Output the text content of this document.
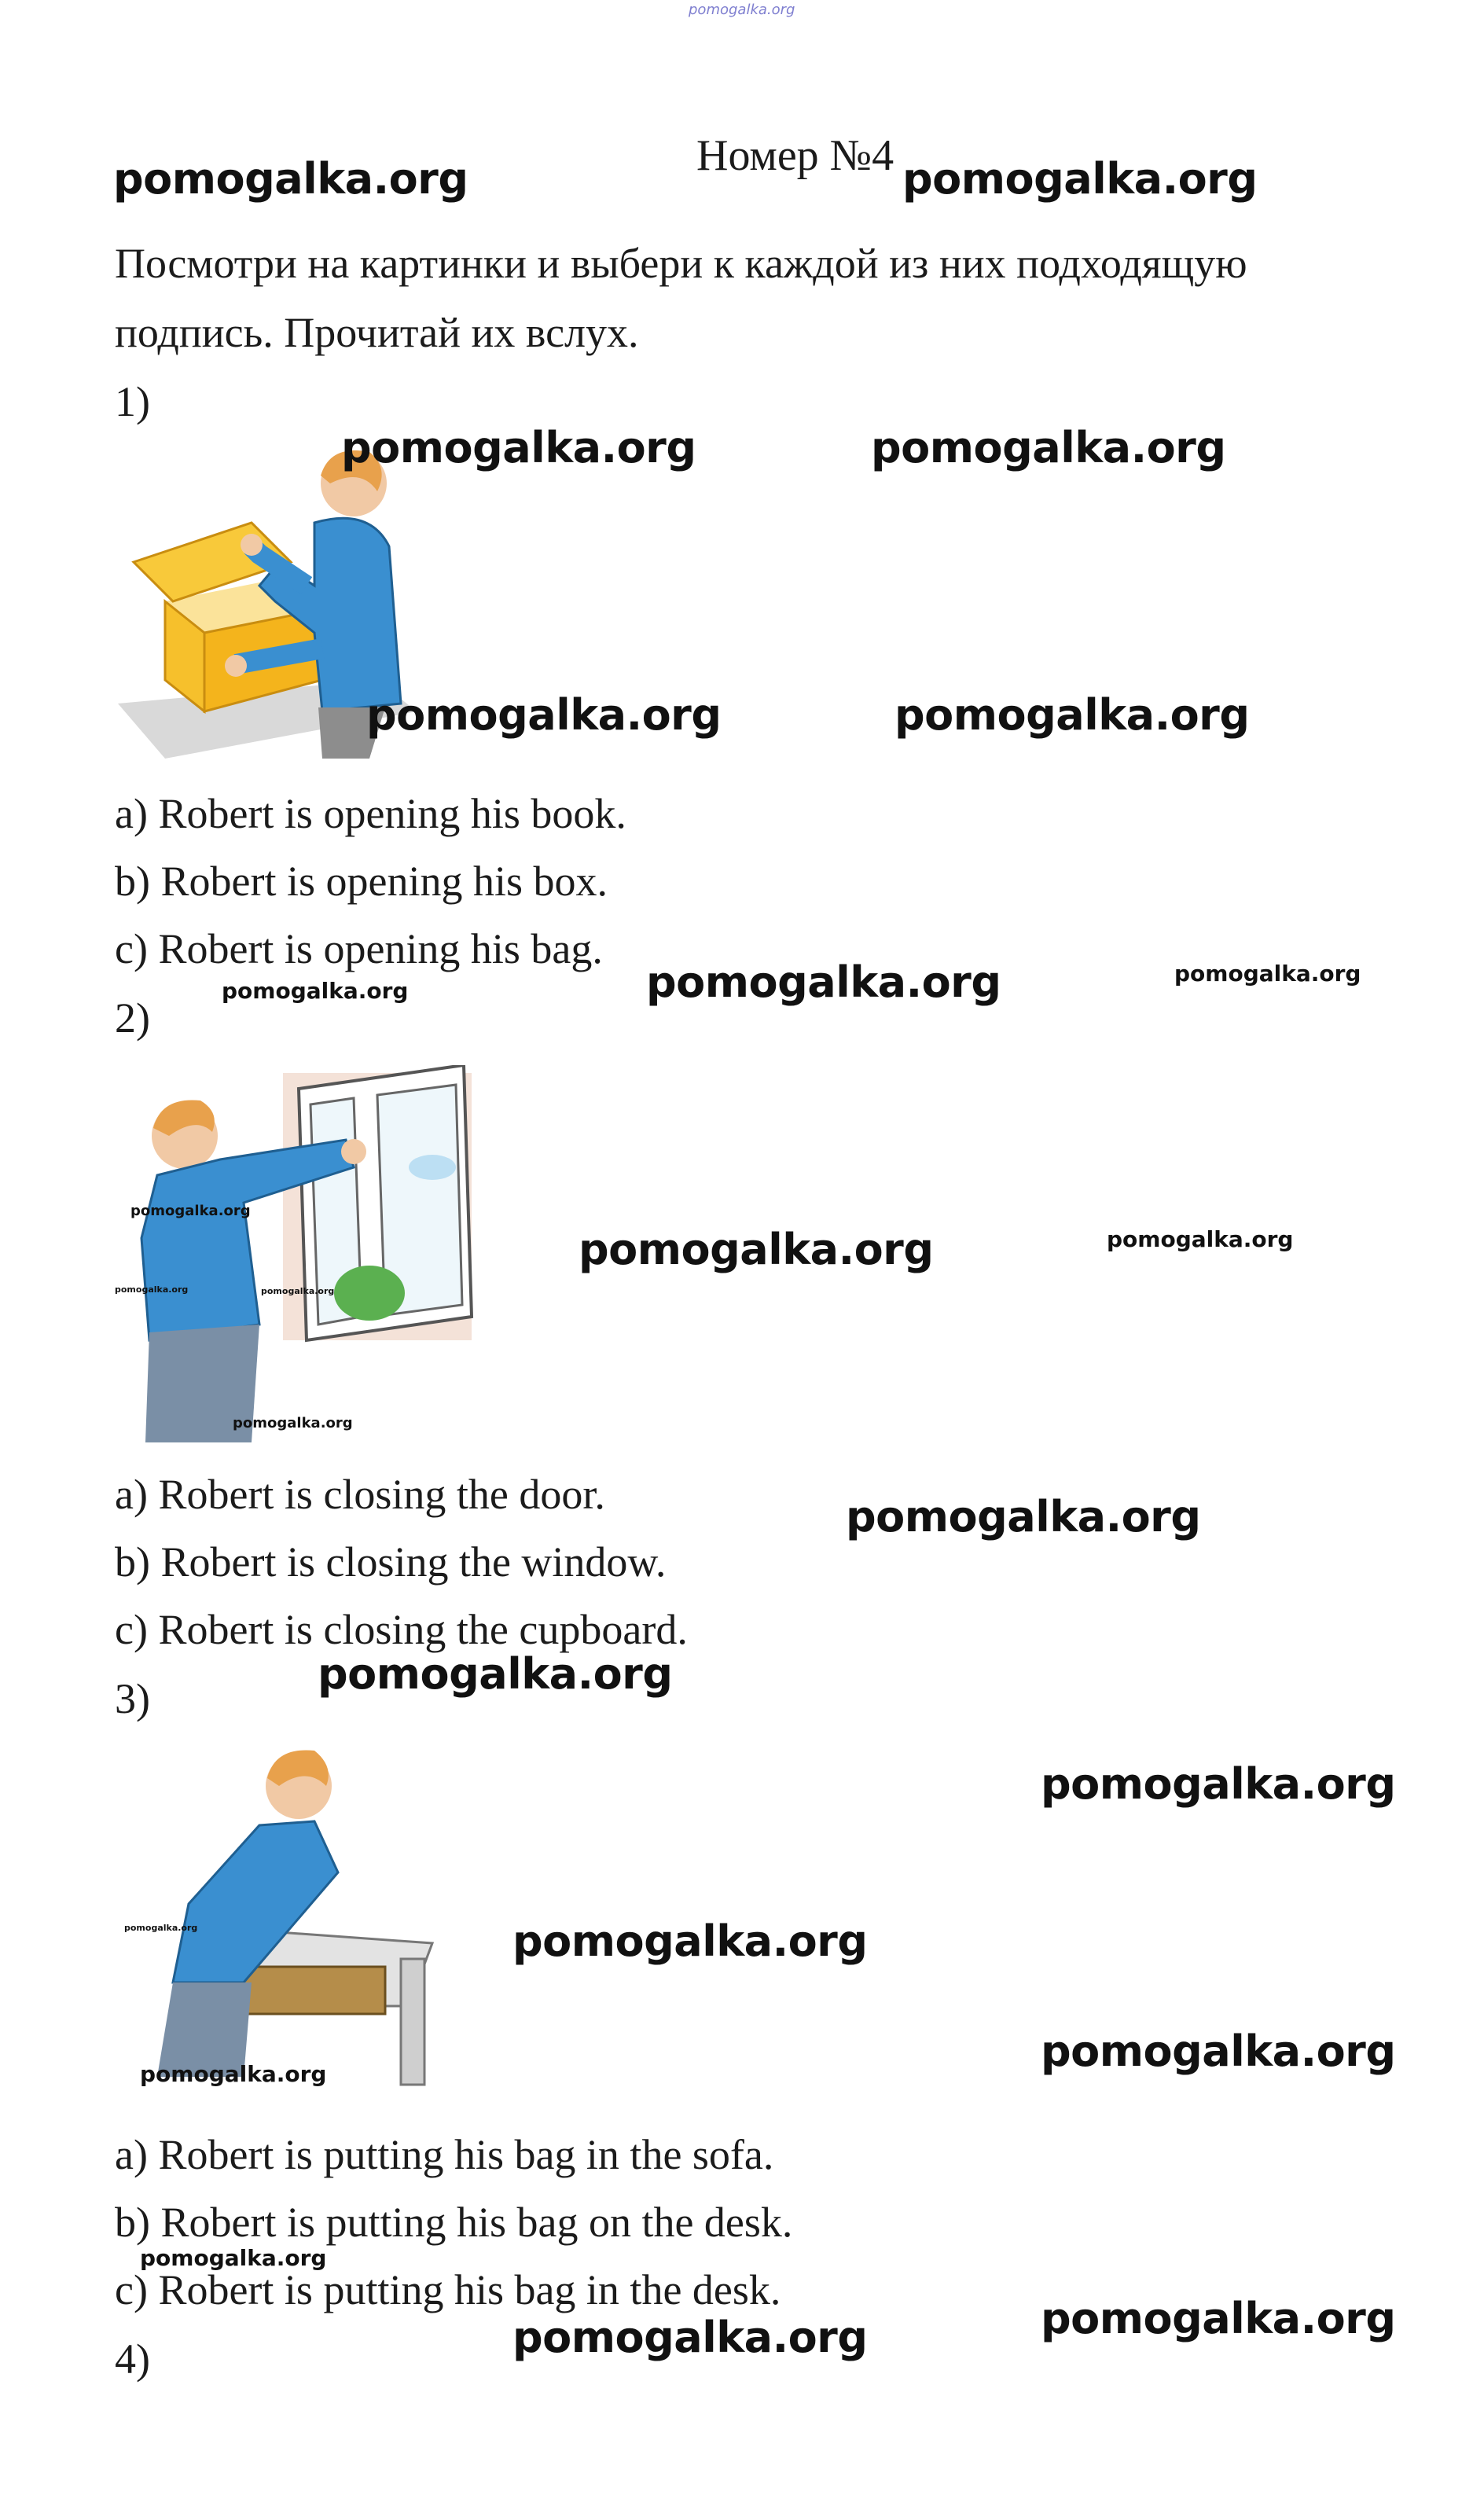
pomogalka.org
Номер №4
Посмотри на картинки и выбери к каждой из них подходящую
подпись. Прочитай их вслух.
1)
a) Robert is opening his book.
b) Robert is opening his box.
c) Robert is opening his bag.
2)
a) Robert is closing the door.
b) Robert is closing the window.
c) Robert is closing the cupboard.
3)
a) Robert is putting his bag in the sofa.
b) Robert is putting his bag on the desk.
c) Robert is putting his bag in the desk.
4)
pomogalka.org	pomogalka.org
pomogalka.org	pomogalka.org
pomogalka.org	pomogalka.org
pomogalka.org
pomogalka.org
pomogalka.org
pomogalka.org
pomogalka.org	pomogalka.org
pomogalka.org	pomogalka.org
pomogalka.org
pomogalka.org
pomogalka.org
pomogalka.org
pomogalka.org	pomogalka.org
pomogalka.org	pomogalka.org
pomogalka.org
pomogalka.org
pomogalka.org
